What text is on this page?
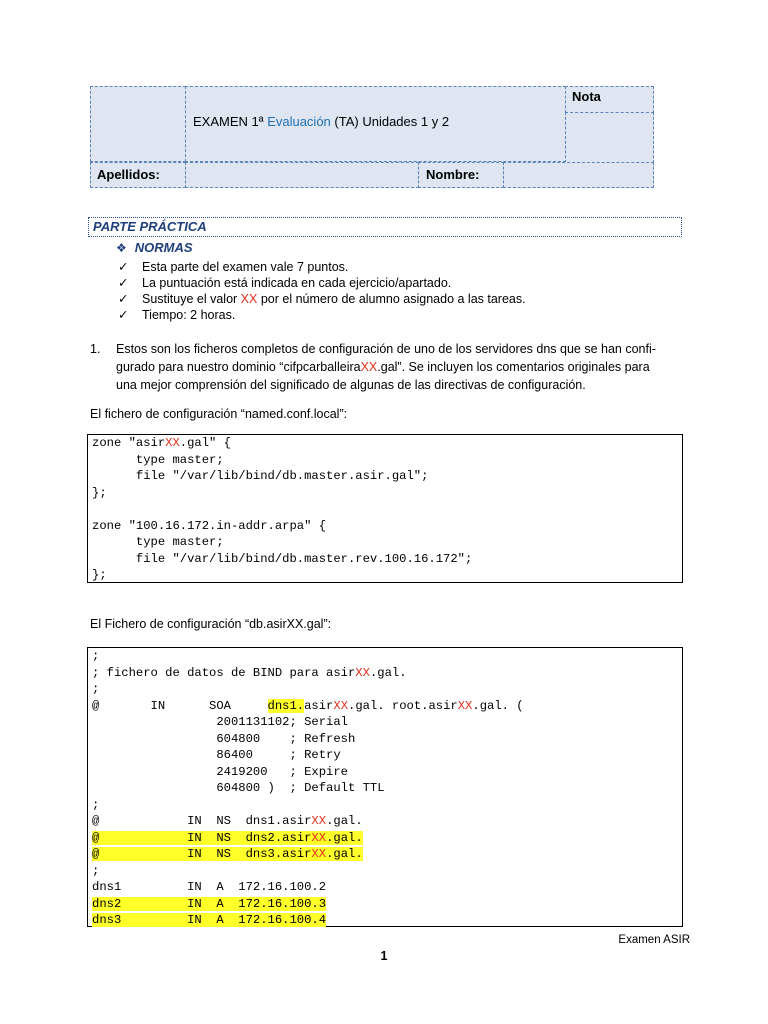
EXAMEN 1ª Evaluación (TA) Unidades 1 y 2
Nota
Apellidos:	Nombre:
PARTE PRÁCTICA
❖ NORMAS
✓ Esta parte del examen vale 7 puntos.
✓ La puntuación está indicada en cada ejercicio/apartado.
✓ Sustituye el valor XX por el número de alumno asignado a las tareas.
✓ Tiempo: 2 horas.
1. Estos son los ficheros completos de configuración de uno de los servidores dns que se han confi-
gurado para nuestro dominio “cifpcarballeiraXX.gal”. Se incluyen los comentarios originales para
una mejor comprensión del significado de algunas de las directivas de configuración.
El fichero de configuración “named.conf.local”:
zone "asirXX.gal" {
type master;
file "/var/lib/bind/db.master.asir.gal";
};
zone "100.16.172.in-addr.arpa" {
type master;
file "/var/lib/bind/db.master.rev.100.16.172";
};
El Fichero de configuración “db.asirXX.gal”:
;
; fichero de datos de BIND para asirXX.gal.
;
@       IN      SOA     dns1.asirXX.gal. root.asirXX.gal. (
2001131102; Serial
604800    ; Refresh
86400     ; Retry
2419200   ; Expire
604800 )  ; Default TTL
;
@            IN  NS  dns1.asirXX.gal.
@            IN  NS  dns2.asirXX.gal.
@            IN  NS  dns3.asirXX.gal.
;
dns1         IN  A  172.16.100.2
dns2         IN  A  172.16.100.3
dns3         IN  A  172.16.100.4
Examen ASIR
1
